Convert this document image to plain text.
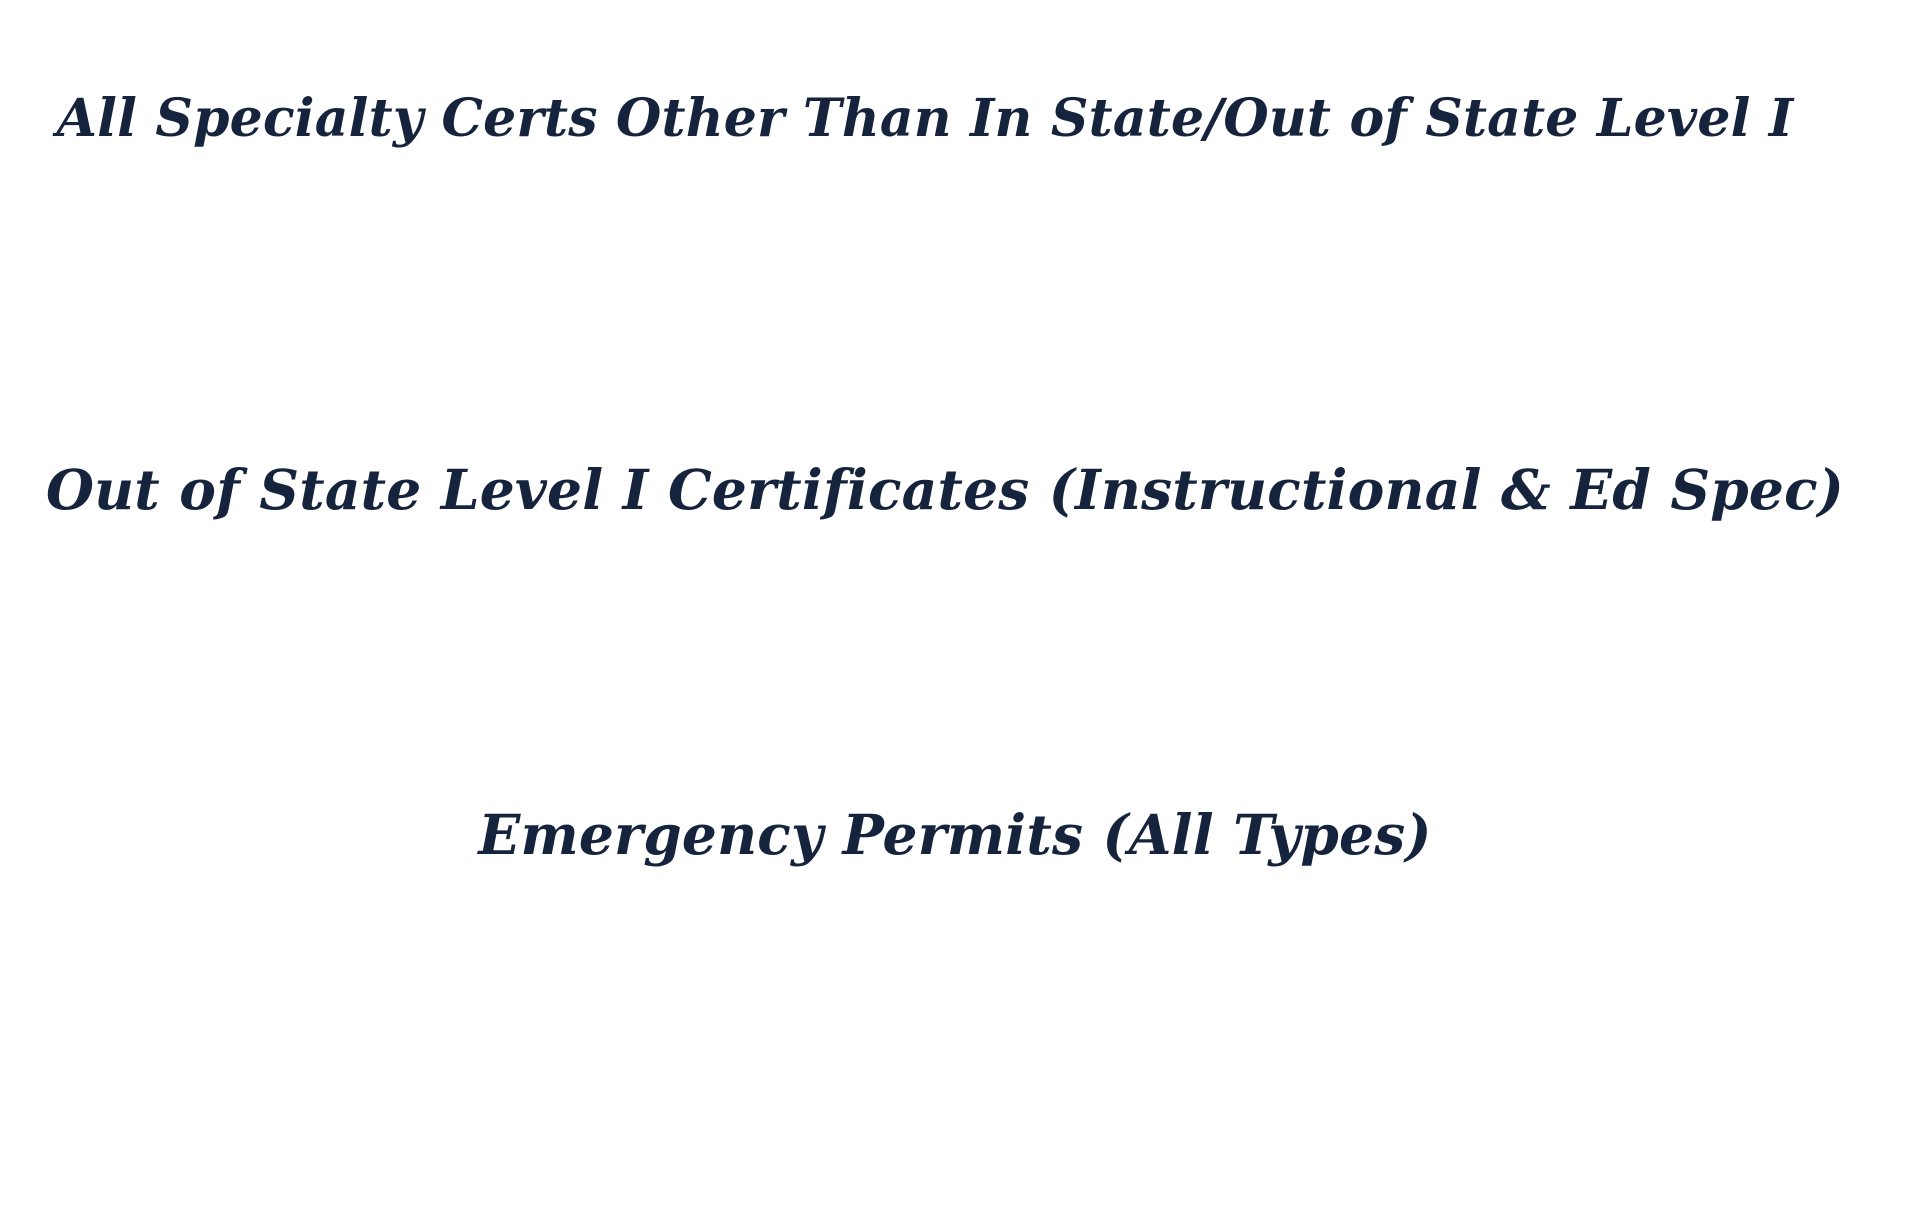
All Specialty Certs Other Than In State/Out of State Level I
Out of State Level I Certificates (Instructional & Ed Spec)
Emergency Permits (All Types)
